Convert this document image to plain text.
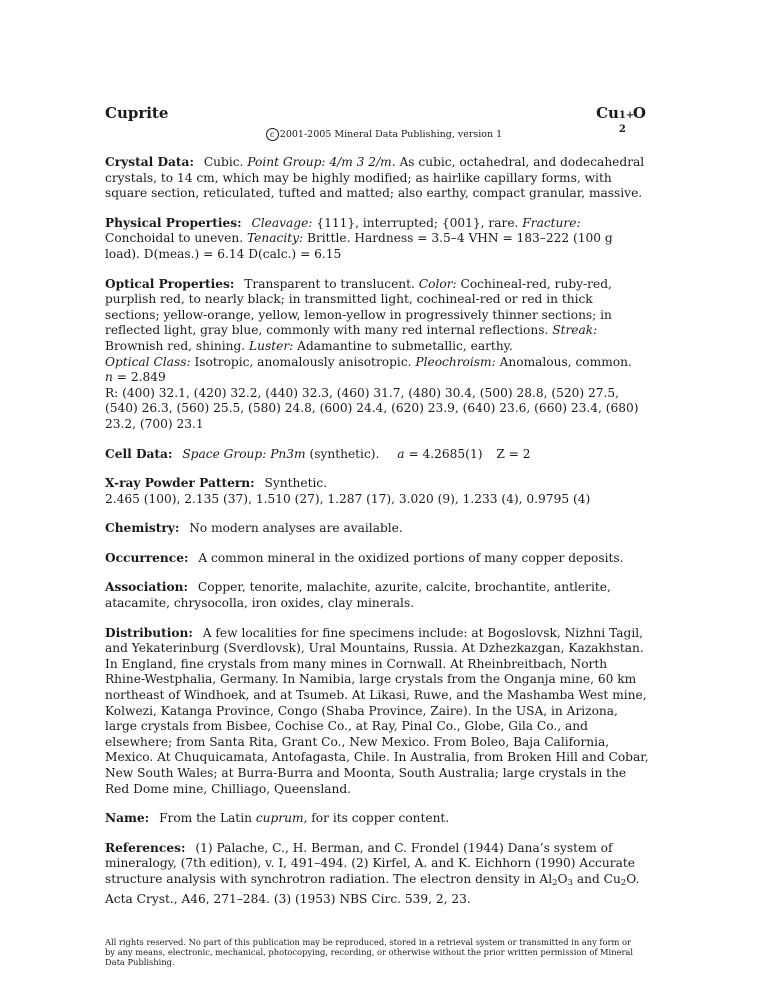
Cuprite	Cu 1+
2
O
c 2001-2005 Mineral Data Publishing, version 1

Crystal Data: Cubic. Point Group: 4/m 3 2/m. As cubic, octahedral, and dodecahedral crystals, to 14 cm, which may be highly modified; as hairlike capillary forms, with square section, reticulated, tufted and matted; also earthy, compact granular, massive.

Physical Properties: Cleavage: {111}, interrupted; {001}, rare. Fracture: Conchoidal to uneven. Tenacity: Brittle. Hardness = 3.5–4 VHN = 183–222 (100 g load). D(meas.) = 6.14 D(calc.) = 6.15

Optical Properties: Transparent to translucent. Color: Cochineal-red, ruby-red, purplish red, to nearly black; in transmitted light, cochineal-red or red in thick sections; yellow-orange, yellow, lemon-yellow in progressively thinner sections; in reflected light, gray blue, commonly with many red internal reflections. Streak: Brownish red, shining. Luster: Adamantine to submetallic, earthy.

Optical Class: Isotropic, anomalously anisotropic. Pleochroism: Anomalous, common.

n = 2.849

R: (400) 32.1, (420) 32.2, (440) 32.3, (460) 31.7, (480) 30.4, (500) 28.8, (520) 27.5, (540) 26.3, (560) 25.5, (580) 24.8, (600) 24.4, (620) 23.9, (640) 23.6, (660) 23.4, (680) 23.2, (700) 23.1

Cell Data: Space Group: Pn3m (synthetic). a = 4.2685(1) Z = 2

X-ray Powder Pattern: Synthetic.

2.465 (100), 2.135 (37), 1.510 (27), 1.287 (17), 3.020 (9), 1.233 (4), 0.9795 (4)

Chemistry: No modern analyses are available.

Occurrence: A common mineral in the oxidized portions of many copper deposits.

Association: Copper, tenorite, malachite, azurite, calcite, brochantite, antlerite, atacamite, chrysocolla, iron oxides, clay minerals.

Distribution: A few localities for fine specimens include: at Bogoslovsk, Nizhni Tagil, and Yekaterinburg (Sverdlovsk), Ural Mountains, Russia. At Dzhezkazgan, Kazakhstan. In England, fine crystals from many mines in Cornwall. At Rheinbreitbach, North Rhine-Westphalia, Germany. In Namibia, large crystals from the Onganja mine, 60 km northeast of Windhoek, and at Tsumeb. At Likasi, Ruwe, and the Mashamba West mine, Kolwezi, Katanga Province, Congo (Shaba Province, Zaire). In the USA, in Arizona, large crystals from Bisbee, Cochise Co., at Ray, Pinal Co., Globe, Gila Co., and elsewhere; from Santa Rita, Grant Co., New Mexico. From Boleo, Baja California, Mexico. At Chuquicamata, Antofagasta, Chile. In Australia, from Broken Hill and Cobar, New South Wales; at Burra-Burra and Moonta, South Australia; large crystals in the Red Dome mine, Chilliago, Queensland.

Name: From the Latin cuprum, for its copper content.

References: (1) Palache, C., H. Berman, and C. Frondel (1944) Dana’s system of mineralogy, (7th edition), v. I, 491–494. (2) Kirfel, A. and K. Eichhorn (1990) Accurate structure analysis with synchrotron radiation. The electron density in $Al_2O_3$ and $Cu_2O$. Acta Cryst., A46, 271–284. (3) (1953) NBS Circ. 539, 2, 23.

All rights reserved. No part of this publication may be reproduced, stored in a retrieval system or transmitted in any form or by any means, electronic, mechanical, photocopying, recording, or otherwise without the prior written permission of Mineral Data Publishing.
